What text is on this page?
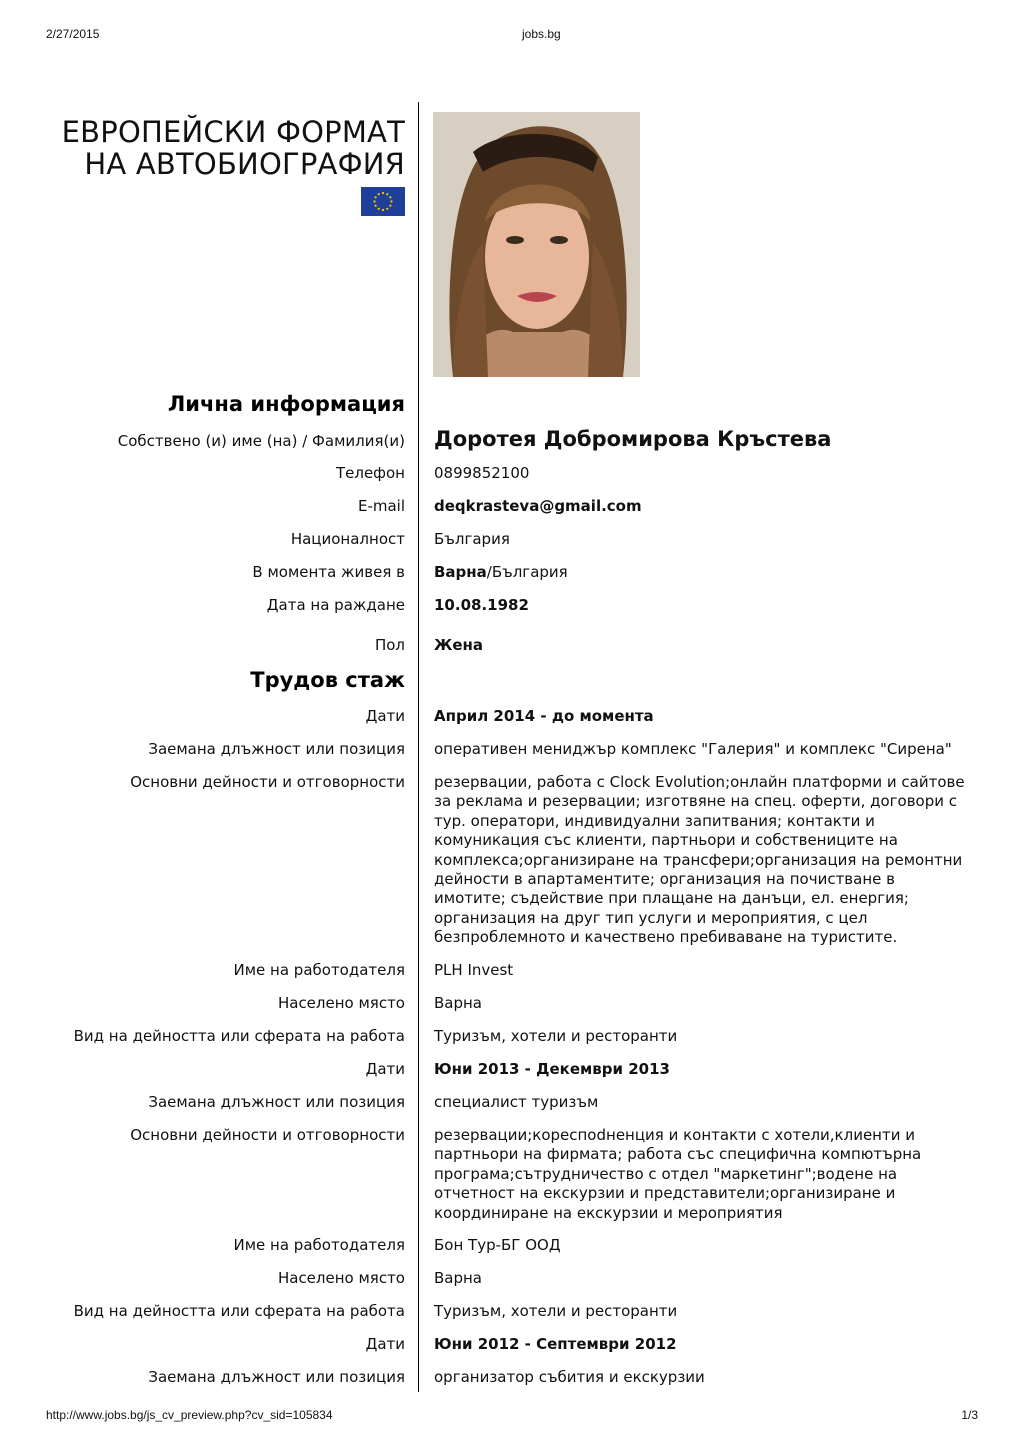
2/27/2015	jobs.bg
ЕВРОПЕЙСКИ ФОРМАТ
НА АВТОБИОГРАФИЯ
Лична информация
Собствено (и) име (на) / Фамилия(и) Доротея Добромирова Кръстева
Телефон 0899852100
E-mail deqkrasteva@gmail.com
Националност България
В момента живея в Варна/България
Дата на раждане 10.08.1982
Пол Жена
Трудов стаж
Дати Април 2014 - до момента
Заемана длъжност или позиция оперативен мениджър комплекс "Галерия" и комплекс "Сирена"
Основни дейности и отговорности резервации, работа с Clock Evolution;онлайн платформи и сайтове за реклама и резервации; изготвяне на спец. оферти, договори с тур. оператори, индивидуални запитвания; контакти и комуникация със клиенти, партньори и собствениците на комплекса;организиране на трансфери;организация на ремонтни дейности в апартаментите; организация на почистване в имотите; съдействие при плащане на данъци, ел. енергия; организация на друг тип услуги и мероприятия, с цел безпроблемното и качествено пребиваване на туристите.
Име на работодателя PLH Invest
Населено място Варна
Вид на дейността или сферата на работа Туризъм, хотели и ресторанти
Дати Юни 2013 - Декември 2013
Заемана длъжност или позиция специалист туризъм
Основни дейности и отговорности резервации;кореспodненция и контакти с хотели,клиенти и партньори на фирмата; работа със специфична компютърна програма;сътрудничество с отдел "маркетинг";водене на отчетност на екскурзии и представители;организиране и координиране на екскурзии и мероприятия
Име на работодателя Бон Тур-БГ ООД
Населено място Варна
Вид на дейността или сферата на работа Туризъм, хотели и ресторанти
Дати Юни 2012 - Септември 2012
Заемана длъжност или позиция организатор събития и екскурзии
http://www.jobs.bg/js_cv_preview.php?cv_sid=105834	1/3
